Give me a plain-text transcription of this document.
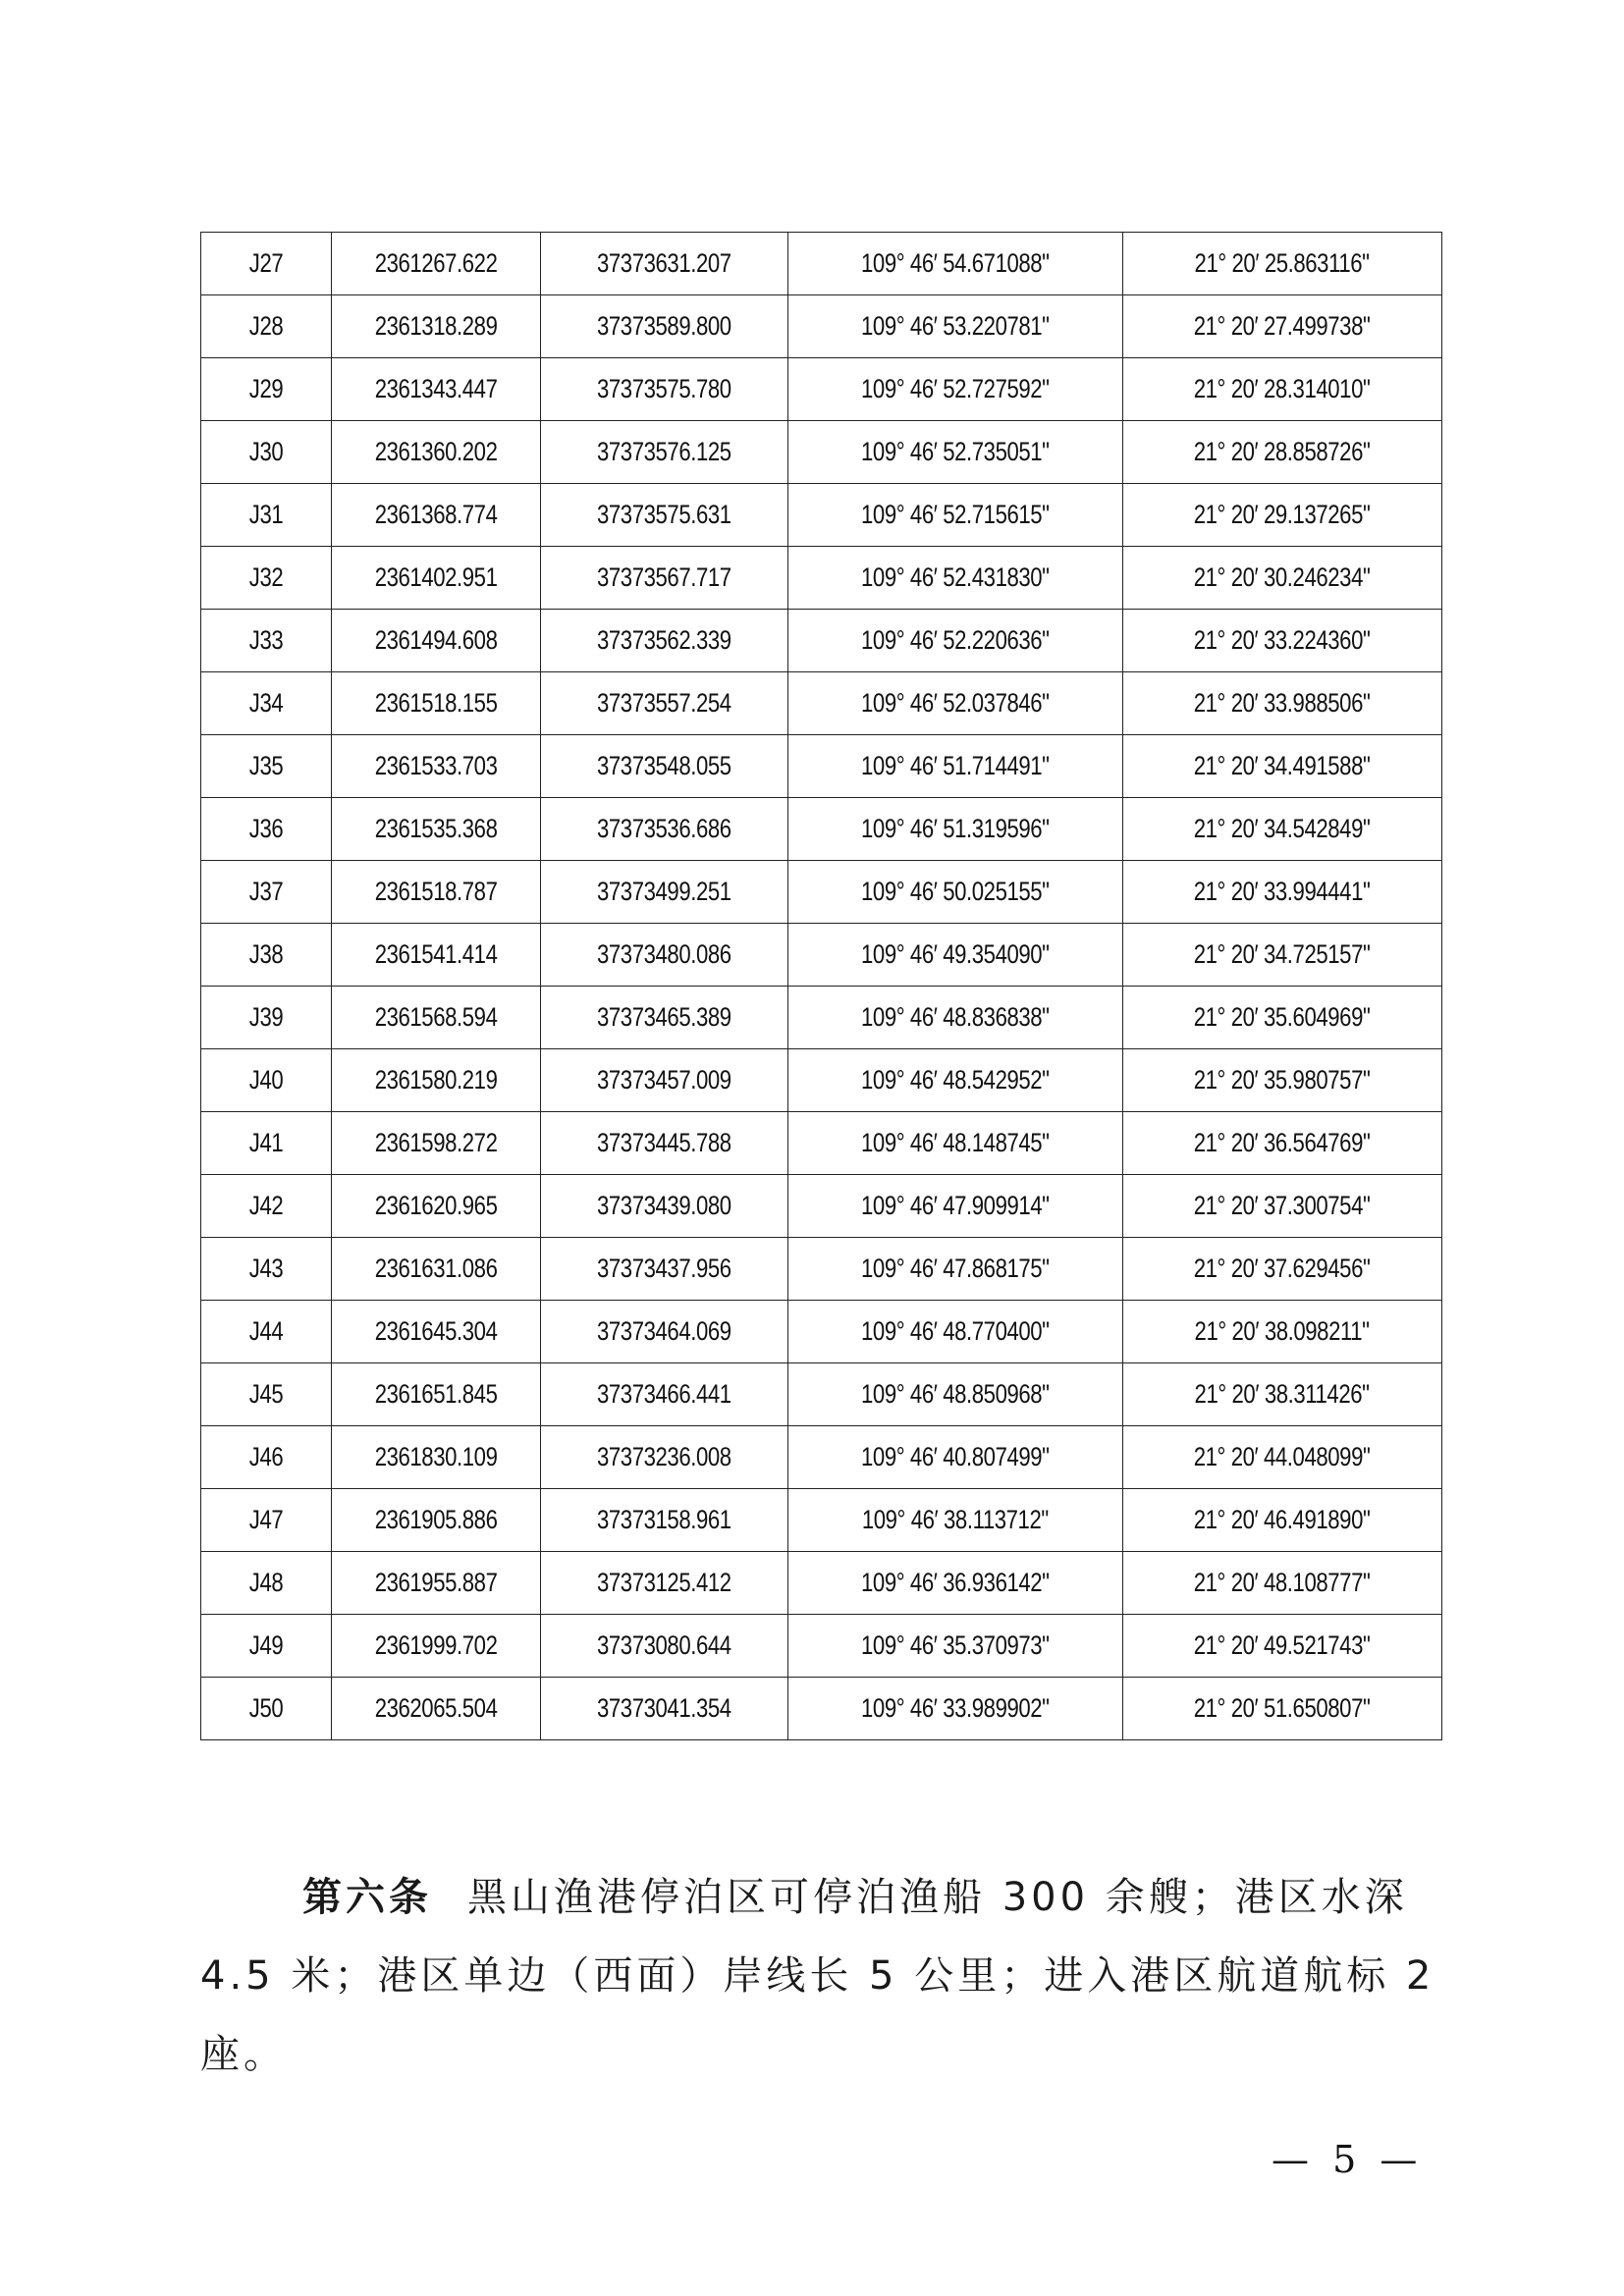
J27	2361267.622	37373631.207	109° 46′ 54.671088"	21° 20′ 25.863116"
J28	2361318.289	37373589.800	109° 46′ 53.220781"	21° 20′ 27.499738"
J29	2361343.447	37373575.780	109° 46′ 52.727592"	21° 20′ 28.314010"
J30	2361360.202	37373576.125	109° 46′ 52.735051"	21° 20′ 28.858726"
J31	2361368.774	37373575.631	109° 46′ 52.715615"	21° 20′ 29.137265"
J32	2361402.951	37373567.717	109° 46′ 52.431830"	21° 20′ 30.246234"
J33	2361494.608	37373562.339	109° 46′ 52.220636"	21° 20′ 33.224360"
J34	2361518.155	37373557.254	109° 46′ 52.037846"	21° 20′ 33.988506"
J35	2361533.703	37373548.055	109° 46′ 51.714491"	21° 20′ 34.491588"
J36	2361535.368	37373536.686	109° 46′ 51.319596"	21° 20′ 34.542849"
J37	2361518.787	37373499.251	109° 46′ 50.025155"	21° 20′ 33.994441"
J38	2361541.414	37373480.086	109° 46′ 49.354090"	21° 20′ 34.725157"
J39	2361568.594	37373465.389	109° 46′ 48.836838"	21° 20′ 35.604969"
J40	2361580.219	37373457.009	109° 46′ 48.542952"	21° 20′ 35.980757"
J41	2361598.272	37373445.788	109° 46′ 48.148745"	21° 20′ 36.564769"
J42	2361620.965	37373439.080	109° 46′ 47.909914"	21° 20′ 37.300754"
J43	2361631.086	37373437.956	109° 46′ 47.868175"	21° 20′ 37.629456"
J44	2361645.304	37373464.069	109° 46′ 48.770400"	21° 20′ 38.098211"
J45	2361651.845	37373466.441	109° 46′ 48.850968"	21° 20′ 38.311426"
J46	2361830.109	37373236.008	109° 46′ 40.807499"	21° 20′ 44.048099"
J47	2361905.886	37373158.961	109° 46′ 38.113712"	21° 20′ 46.491890"
J48	2361955.887	37373125.412	109° 46′ 36.936142"	21° 20′ 48.108777"
J49	2361999.702	37373080.644	109° 46′ 35.370973"	21° 20′ 49.521743"
J50	2362065.504	37373041.354	109° 46′ 33.989902"	21° 20′ 51.650807"
第六条 黑山渔港停泊区可停泊渔船 300 余艘；港区水深
4.5 米；港区单边（西面）岸线长 5 公里；进入港区航道航标 2 座。
— 5 —
